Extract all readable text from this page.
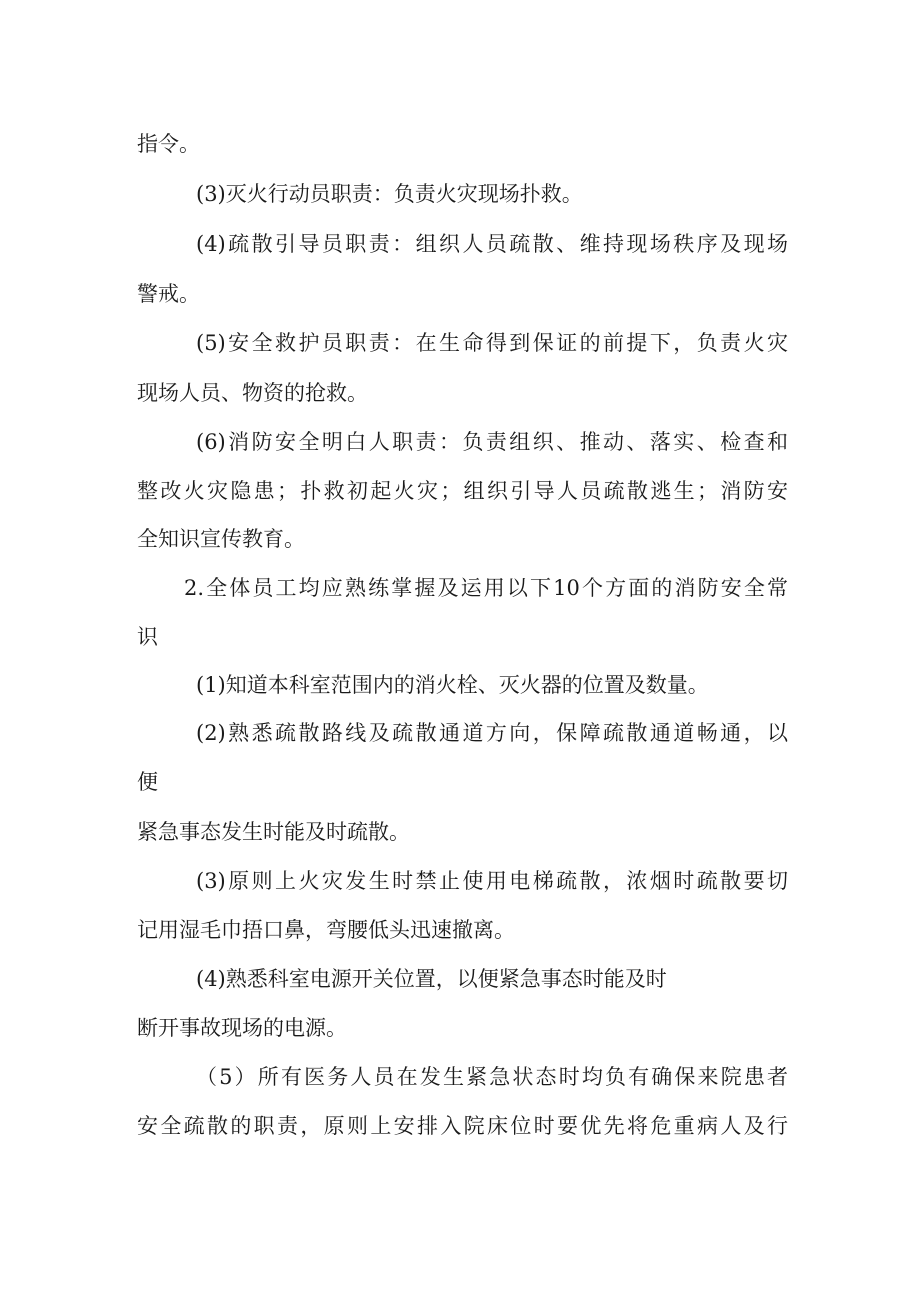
指令。
(3)灭火行动员职责：负责火灾现场扑救。
(4)疏散引导员职责：组织人员疏散、维持现场秩序及现场
警戒。
(5)安全救护员职责：在生命得到保证的前提下，负责火灾
现场人员、物资的抢救。
(6)消防安全明白人职责：负责组织、推动、落实、检查和
整改火灾隐患；扑救初起火灾；组织引导人员疏散逃生；消防安
全知识宣传教育。
2.全体员工均应熟练掌握及运用以下10个方面的消防安全常
识
(1)知道本科室范围内的消火栓、灭火器的位置及数量。
(2)熟悉疏散路线及疏散通道方向，保障疏散通道畅通，以
便
紧急事态发生时能及时疏散。
(3)原则上火灾发生时禁止使用电梯疏散，浓烟时疏散要切
记用湿毛巾捂口鼻，弯腰低头迅速撤离。
(4)熟悉科室电源开关位置，以便紧急事态时能及时
断开事故现场的电源。
（5）所有医务人员在发生紧急状态时均负有确保来院患者
安全疏散的职责，原则上安排入院床位时要优先将危重病人及行
